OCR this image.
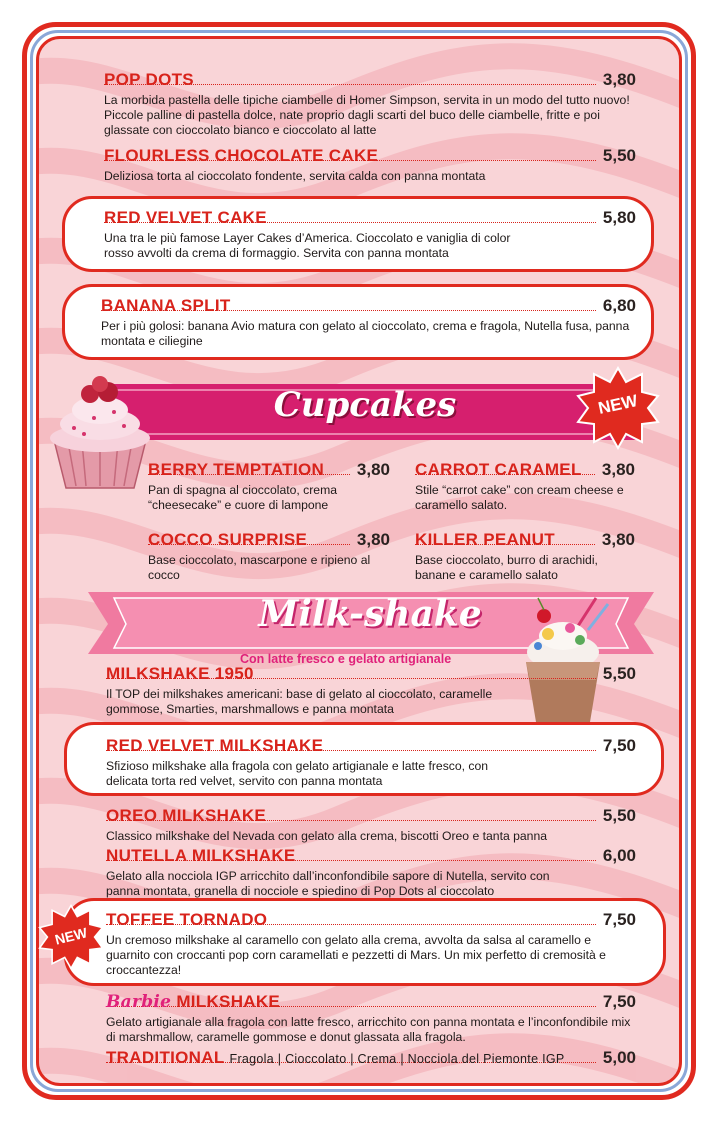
POP DOTS	3,80
La morbida pastella delle tipiche ciambelle di Homer Simpson, servita in un modo del tutto nuovo! Piccole palline di pastella dolce, nate proprio dagli scarti del buco delle ciambelle, fritte e poi glassate con cioccolato bianco e cioccolato al latte
FLOURLESS CHOCOLATE CAKE	5,50
Deliziosa torta al cioccolato fondente, servita calda con panna montata
RED VELVET CAKE	5,80
Una tra le più famose Layer Cakes d’America. Cioccolato e vaniglia di color rosso avvolti da crema di formaggio. Servita con panna montata
BANANA SPLIT	6,80
Per i più golosi: banana Avio matura con gelato al cioccolato, crema e fragola, Nutella fusa, panna montata e ciliegine
Cupcakes	NEW
BERRY TEMPTATION 3,80
Pan di spagna al cioccolato, crema “cheesecake” e cuore di lampone
CARROT CARAMEL 3,80
Stile “carrot cake” con cream cheese e caramello salato.
COCCO SURPRISE	3,80
Base cioccolato, mascarpone e ripieno al cocco
KILLER PEANUT	3,80
Base cioccolato, burro di arachidi, banane e caramello salato
Milk-shake
Con latte fresco e gelato artigianale
MILKSHAKE 1950	5,50
Il TOP dei milkshakes americani: base di gelato al cioccolato, caramelle gommose, Smarties, marshmallows e panna montata
RED VELVET MILKSHAKE	7,50
Sfizioso milkshake alla fragola con gelato artigianale e latte fresco, con delicata torta red velvet, servito con panna montata
OREO MILKSHAKE	5,50
Classico milkshake del Nevada con gelato alla crema, biscotti Oreo e tanta panna
NUTELLA MILKSHAKE	6,00
Gelato alla nocciola IGP arricchito dall’inconfondibile sapore di Nutella, servito con panna montata, granella di nocciole e spiedino di Pop Dots al cioccolato
TOFFEE TORNADO	7,50
Un cremoso milkshake al caramello con gelato alla crema, avvolta da salsa al caramello e guarnito con croccanti pop corn caramellati e pezzetti di Mars. Un mix perfetto di cremosità e croccantezza!
NEW
Barbie MILKSHAKE	7,50
Gelato artigianale alla fragola con latte fresco, arricchito con panna montata e l’inconfondibile mix di marshmallow, caramelle gommose e donut glassata alla fragola.
TRADITIONAL Fragola | Cioccolato | Crema | Nocciola del Piemonte IGP 5,00
